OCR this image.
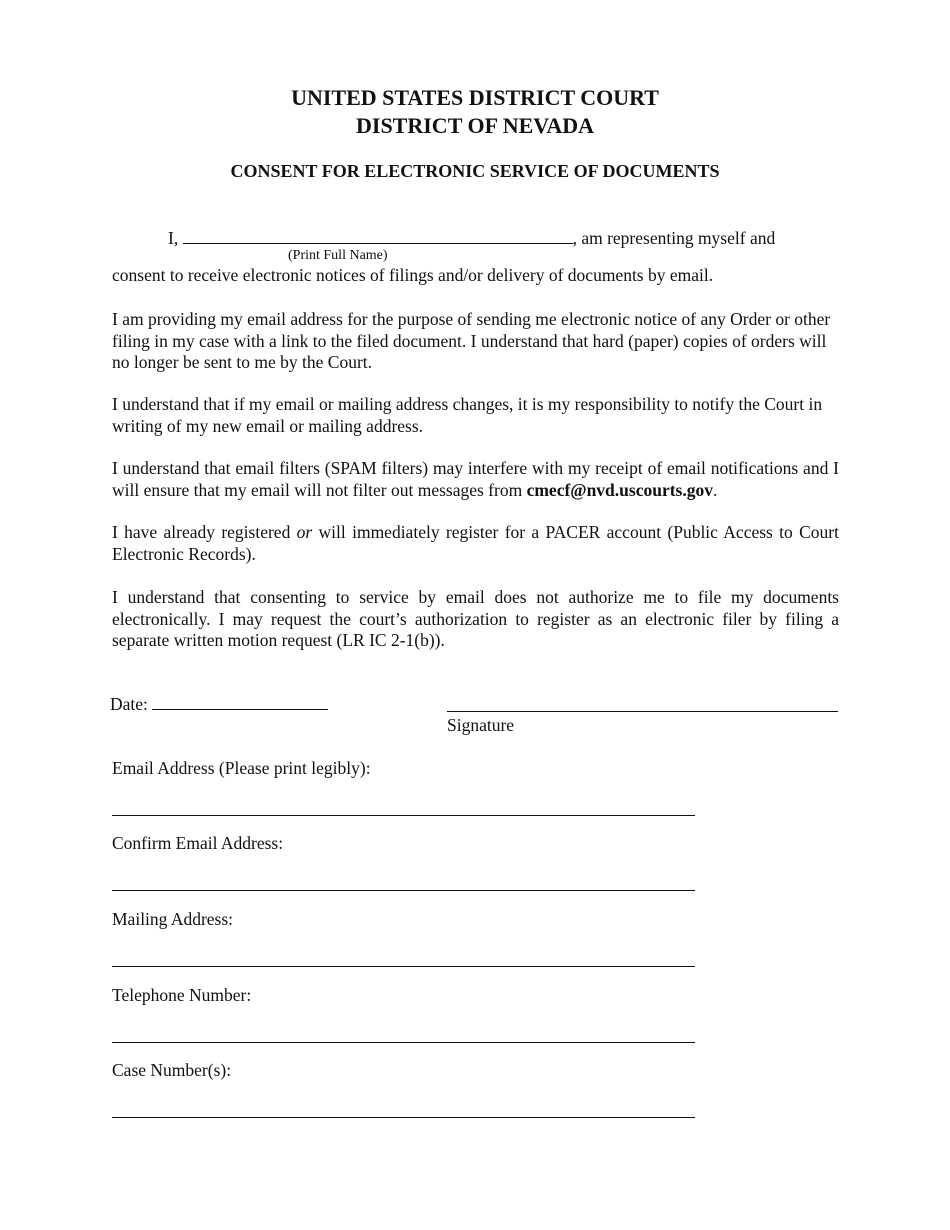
UNITED STATES DISTRICT COURT
DISTRICT OF NEVADA
CONSENT FOR ELECTRONIC SERVICE OF DOCUMENTS
I,	, am representing myself and
(Print Full Name)
consent to receive electronic notices of filings and/or delivery of documents by email.
I am providing my email address for the purpose of sending me electronic notice of any Order or other filing in my case with a link to the filed document. I understand that hard (paper) copies of orders will no longer be sent to me by the Court.
I understand that if my email or mailing address changes, it is my responsibility to notify the Court in writing of my new email or mailing address.
I understand that email filters (SPAM filters) may interfere with my receipt of email notifications and I will ensure that my email will not filter out messages from cmecf@nvd.uscourts.gov.
I have already registered or will immediately register for a PACER account (Public Access to Court Electronic Records).
I understand that consenting to service by email does not authorize me to file my documents electronically. I may request the court’s authorization to register as an electronic filer by filing a separate written motion request (LR IC 2-1(b)).
Date:
Signature
Email Address (Please print legibly):
Confirm Email Address:
Mailing Address:
Telephone Number:
Case Number(s):
